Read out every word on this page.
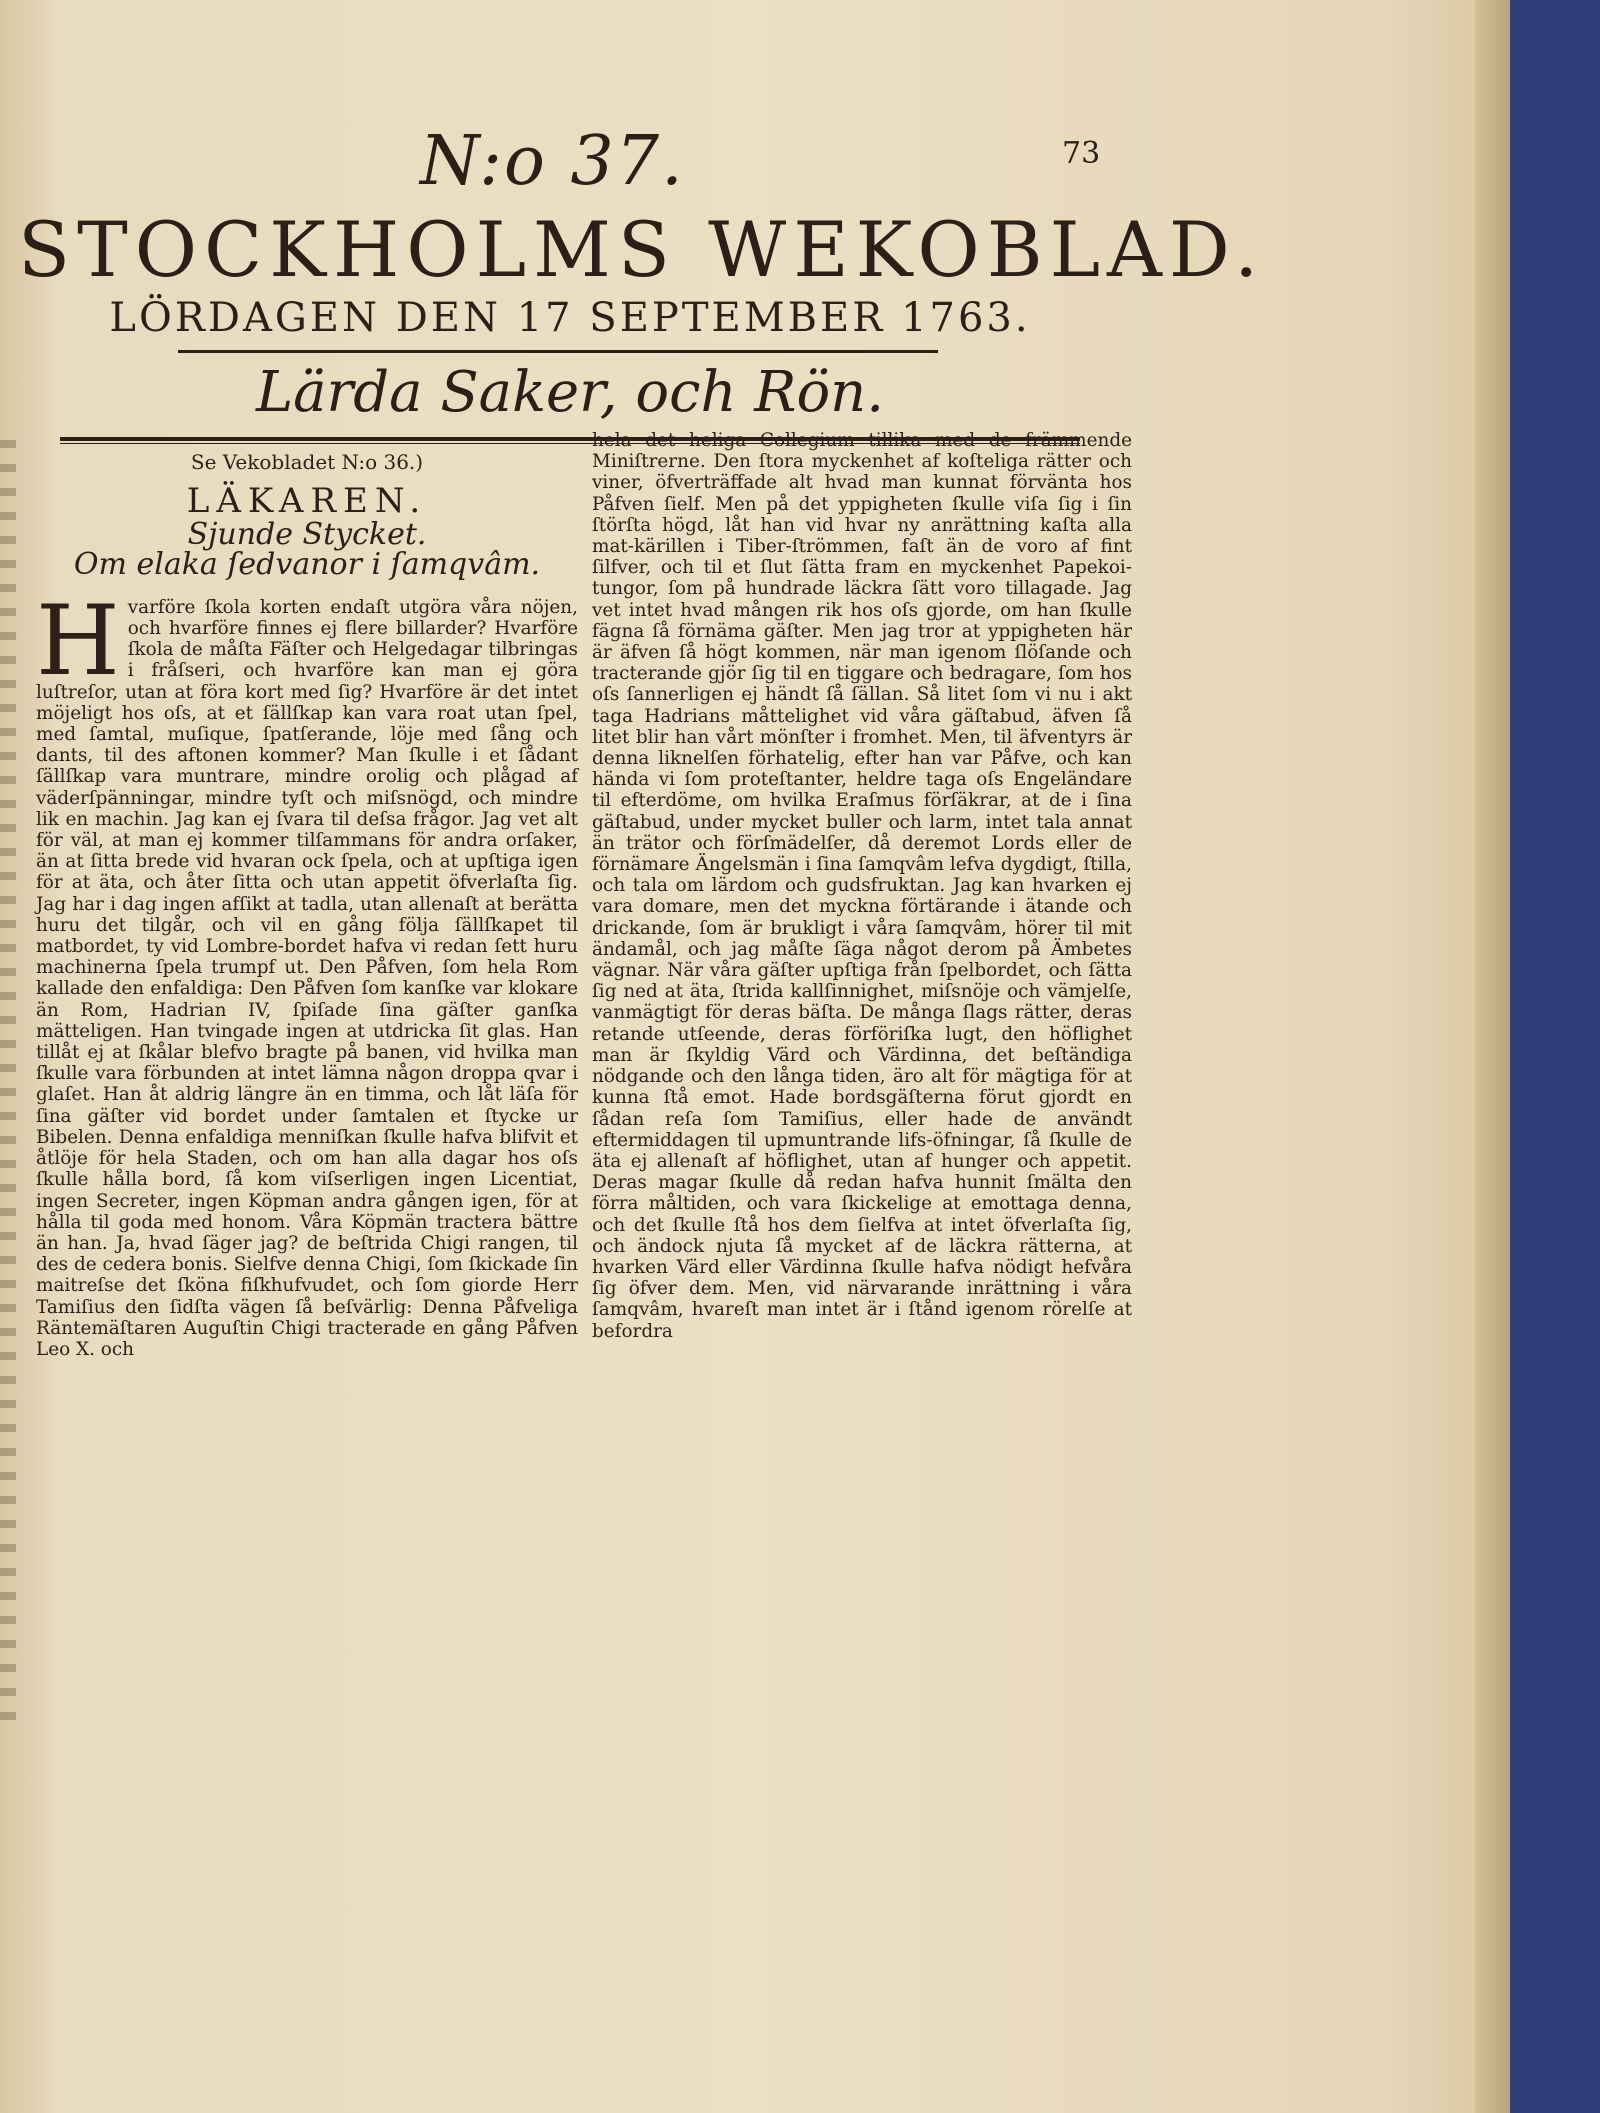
N:o 37.	73
STOCKHOLMS WEKOBLAD.
LÖRDAGEN DEN 17 SEPTEMBER 1763.
Lärda Saker, och Rön.

Se Vekobladet N:o 36.)

LÄKAREN.

Sjunde Stycket.

Om elaka ſedvanor i ſamqvâm.

Hvarföre ſkola korten endaſt utgöra våra nöjen, och hvarföre finnes ej flere billarder? Hvarföre ſkola de måſta Fäſter och Helgedagar tilbringas i fråſseri, och hvarföre kan man ej göra luſtreſor, utan at föra kort med ſig? Hvarföre är det intet möjeligt hos oſs, at et ſällſkap kan vara roat utan ſpel, med ſamtal, muſique, ſpatſerande, löje med ſång och dants, til des aftonen kommer? Man ſkulle i et ſådant ſällſkap vara muntrare, mindre orolig och plågad af väderſpänningar, mindre tyſt och miſsnögd, och mindre lik en machin. Jag kan ej ſvara til deſsa frågor. Jag vet alt för väl, at man ej kommer tilſammans för andra orſaker, än at ſitta brede vid hvaran ock ſpela, och at upſtiga igen för at äta, och åter ſitta och utan appetit öfverlaſta ſig. Jag har i dag ingen afſikt at tadla, utan allenaſt at berätta huru det tilgår, och vil en gång följa ſällſkapet til matbordet, ty vid Lombre-bordet hafva vi redan ſett huru machinerna ſpela trumpf ut. Den Påfven, ſom hela Rom kallade den enfaldiga: Den Påfven ſom kanſke var klokare än Rom, Hadrian IV, ſpiſade ſina gäſter ganſka mätteligen. Han tvingade ingen at utdricka ſit glas. Han tillåt ej at ſkålar blefvo bragte på banen, vid hvilka man ſkulle vara förbunden at intet lämna någon droppa qvar i glaſet. Han åt aldrig längre än en timma, och låt läſa för ſina gäſter vid bordet under ſamtalen et ſtycke ur Bibelen. Denna enfaldiga menniſkan ſkulle hafva blifvit et åtlöje för hela Staden, och om han alla dagar hos oſs ſkulle hålla bord, ſå kom viſserligen ingen Licentiat, ingen Secreter, ingen Köpman andra gången igen, för at hålla til goda med honom. Våra Köpmän tractera bättre än han. Ja, hvad ſäger jag? de beſtrida Chigi rangen, til des de cedera bonis. Sielfve denna Chigi, ſom ſkickade ſin maitreſse det ſköna fiſkhufvudet, och ſom giorde Herr Tamiſius den ſidſta vägen ſå beſvärlig: Denna Påfveliga Räntemäſtaren Auguſtin Chigi tracterade en gång Påfven Leo X. och

hela det heliga Collegium tillika med de främmende Miniſtrerne. Den ſtora myckenhet af koſteliga rätter och viner, öfverträffade alt hvad man kunnat förvänta hos Påfven ſielf. Men på det yppigheten ſkulle viſa ſig i ſin ſtörſta högd, låt han vid hvar ny anrättning kaſta alla mat-kärillen i Tiber-ſtrömmen, faſt än de voro af fint ſilfver, och til et ſlut ſätta fram en myckenhet Papekoi-tungor, ſom på hundrade läckra ſätt voro tillagade. Jag vet intet hvad mången rik hos oſs gjorde, om han ſkulle fägna ſå förnäma gäſter. Men jag tror at yppigheten här är äfven ſå högt kommen, när man igenom ſlöſande och tracterande gjör ſig til en tiggare och bedragare, ſom hos oſs ſannerligen ej händt ſå ſällan. Så litet ſom vi nu i akt taga Hadrians måttelighet vid våra gäſtabud, äfven ſå litet blir han vårt mönſter i fromhet. Men, til äfventyrs är denna liknelſen förhatelig, efter han var Påfve, och kan hända vi ſom proteſtanter, heldre taga oſs Engeländare til efterdöme, om hvilka Eraſmus förſäkrar, at de i ſina gäſtabud, under mycket buller och larm, intet tala annat än trätor och förſmädelſer, då deremot Lords eller de förnämare Ängelsmän i ſina ſamqvâm lefva dygdigt, ſtilla, och tala om lärdom och gudsfruktan. Jag kan hvarken ej vara domare, men det myckna förtärande i ätande och drickande, ſom är brukligt i våra ſamqvâm, hörer til mit ändamål, och jag måſte ſäga något derom på Ämbetes vägnar. När våra gäſter upſtiga från ſpelbordet, och ſätta ſig ned at äta, ſtrida kallſinnighet, miſsnöje och vämjelſe, vanmägtigt för deras bäſta. De många ſlags rätter, deras retande utſeende, deras förföriſka lugt, den höflighet man är ſkyldig Värd och Värdinna, det beſtändiga nödgande och den långa tiden, äro alt för mägtiga för at kunna ſtå emot. Hade bordsgäſterna förut gjordt en ſådan reſa ſom Tamiſius, eller hade de användt eftermiddagen til upmuntrande lifs-öfningar, ſå ſkulle de äta ej allenaſt af höflighet, utan af hunger och appetit. Deras magar ſkulle då redan hafva hunnit ſmälta den förra måltiden, och vara ſkickelige at emottaga denna, och det ſkulle ſtå hos dem ſielfva at intet öfverlaſta ſig, och ändock njuta ſå mycket af de läckra rätterna, at hvarken Värd eller Värdinna ſkulle hafva nödigt hefvåra ſig öfver dem. Men, vid närvarande inrättning i våra ſamqvâm, hvareſt man intet är i ſtånd igenom rörelſe at befordra
